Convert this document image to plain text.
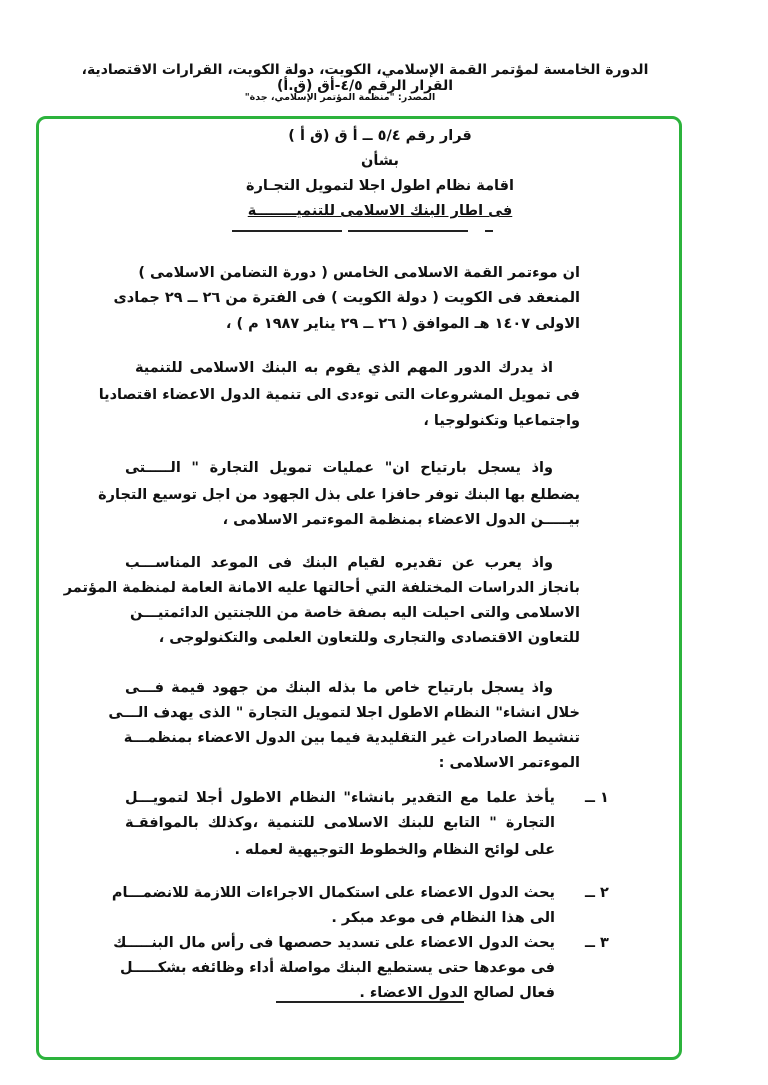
الدورة الخامسة لمؤتمر القمة الإسلامي، الكويت، دولة الكويت، القرارات الاقتصادية، القرار الرقم ٤/٥-أق (ق.أ)
المصدر: "منظمة المؤتمر الإسلامي، جدة"
قرار رقم ٥/٤ ــ أ ق (ق أ )
بشأن
اقامة نظام اطول اجلا لتمويل التجـارة
فى اطار البنك الاسلامى للتنميــــــــة
ان موءتمر القمة الاسلامى الخامس ( دورة التضامن الاسلامى )
المنعقد فى الكويت ( دولة الكويت ) فى الفترة من ٢٦ ــ ٢٩ جمادى
الاولى ١٤٠٧ هـ الموافق ( ٢٦ ــ ٢٩ يناير ١٩٨٧ م ) ،
اذ يدرك الدور المهم الذي يقوم به البنك الاسلامى للتنمية
فى تمويل المشروعات التى توءدى الى تنمية الدول الاعضاء اقتصاديا
واجتماعيا وتكنولوجيا ،
واذ يسجل بارتياح ان" عمليات تمويل التجارة " الـــــتى
يضطلع بها البنك توفر حافزا على بذل الجهود من اجل توسيع التجارة
بيـــــن الدول الاعضاء بمنظمة الموءتمر الاسلامى ،
واذ يعرب عن تقديره لقيام البنك فى الموعد المناســـب
بانجاز الدراسات المختلفة التي أحالتها عليه الامانة العامة لمنظمة المؤتمر
الاسلامى والتى احيلت اليه بصفة خاصة من اللجنتين الدائمتيـــن
للتعاون الاقتصادى والتجارى وللتعاون العلمى والتكنولوجى ،
واذ يسجل بارتياح خاص ما بذله البنك من جهود قيمة فـــى
خلال انشاء" النظام الاطول اجلا لتمويل التجارة " الذى يهدف الـــى
تنشيط الصادرات غير التقليدية فيما بين الدول الاعضاء بمنظمـــة
الموءتمر الاسلامى :
١ ــ
يأخذ علما مع التقدير بانشاء" النظام الاطول أجلا لتمويـــل
التجارة " التابع للبنك الاسلامى للتنمية ،وكذلك بالموافقـة
على لوائح النظام والخطوط التوجيهية لعمله .
٢ ــ
يحث الدول الاعضاء على استكمال الاجراءات اللازمة للانضمـــام
الى هذا النظام فى موعد مبكر .
٣ ــ
يحث الدول الاعضاء على تسديد حصصها فى رأس مال البنـــــك
فى موعدها حتى يستطيع البنك مواصلة أداء وظائفه بشكـــــل
فعال لصالح الدول الاعضاء .
